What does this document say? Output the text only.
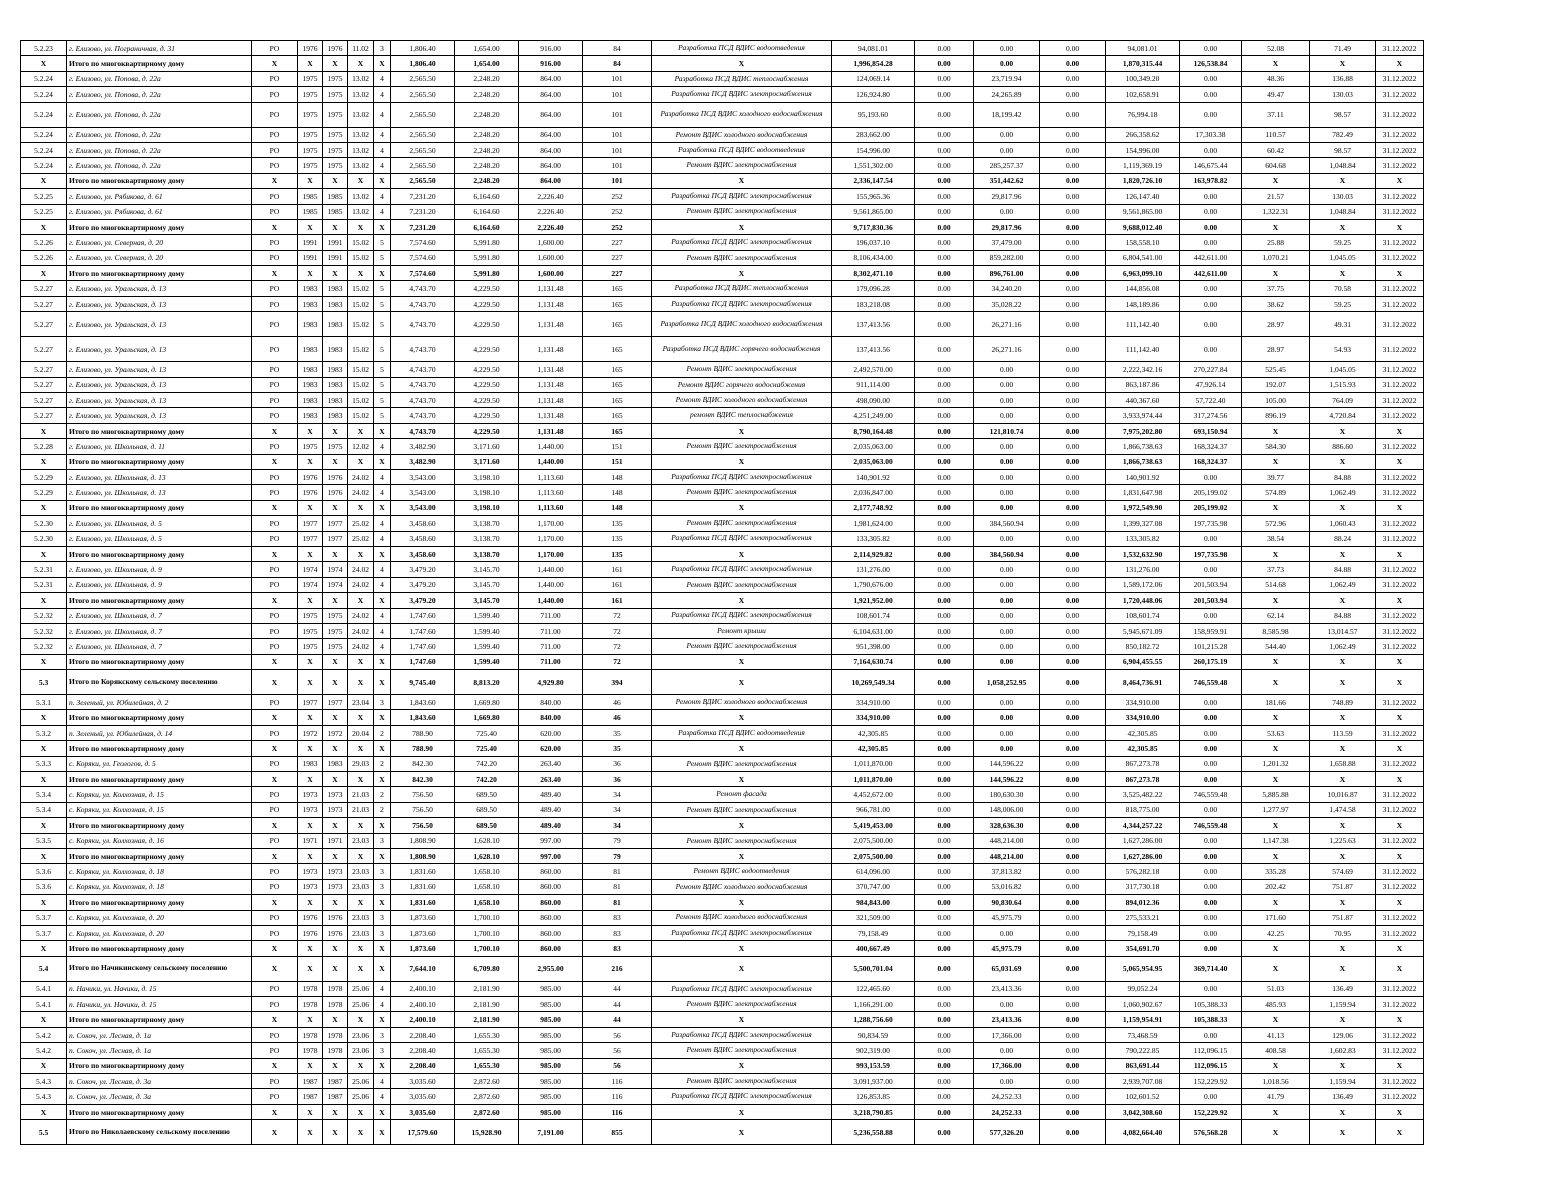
5.2.23	г. Елизово, ул. Пограничная, д. 31	РО	1976	1976	11.02	3	1,806.40	1,654.00	916.00	84	Разработка ПСД ВДИС водоотведения	94,081.01	0.00	0.00	0.00	94,081.01	0.00	52.08	71.49	31.12.2022
X	Итого по многоквартирному дому	X	X	X	X	X	1,806.40	1,654.00	916.00	84	X	1,996,854.28	0.00	0.00	0.00	1,870,315.44	126,538.84	X	X	X
5.2.24	г. Елизово, ул. Попова, д. 22а	РО	1975	1975	13.02	4	2,565.50	2,248.20	864.00	101	Разработка ПСД ВДИС теплоснабжения	124,069.14	0.00	23,719.94	0.00	100,349.20	0.00	48.36	136.88	31.12.2022
5.2.24	г. Елизово, ул. Попова, д. 22а	РО	1975	1975	13.02	4	2,565.50	2,248.20	864.00	101	Разработка ПСД ВДИС электроснабжения	126,924.80	0.00	24,265.89	0.00	102,658.91	0.00	49.47	130.03	31.12.2022
5.2.24	г. Елизово, ул. Попова, д. 22а	РО	1975	1975	13.02	4	2,565.50	2,248.20	864.00	101	Разработка ПСД ВДИС холодного водоснабжения	95,193.60	0.00	18,199.42	0.00	76,994.18	0.00	37.11	98.57	31.12.2022
5.2.24	г. Елизово, ул. Попова, д. 22а	РО	1975	1975	13.02	4	2,565.50	2,248.20	864.00	101	Ремонт ВДИС холодного водоснабжения	283,662.00	0.00	0.00	0.00	266,358.62	17,303.38	110.57	782.49	31.12.2022
5.2.24	г. Елизово, ул. Попова, д. 22а	РО	1975	1975	13.02	4	2,565.50	2,248.20	864.00	101	Разработка ПСД ВДИС водоотведения	154,996.00	0.00	0.00	0.00	154,996.00	0.00	60.42	98.57	31.12.2022
5.2.24	г. Елизово, ул. Попова, д. 22а	РО	1975	1975	13.02	4	2,565.50	2,248.20	864.00	101	Ремонт ВДИС электроснабжения	1,551,302.00	0.00	285,257.37	0.00	1,119,369.19	146,675.44	604.68	1,048.84	31.12.2022
X	Итого по многоквартирному дому	X	X	X	X	X	2,565.50	2,248.20	864.00	101	X	2,336,147.54	0.00	351,442.62	0.00	1,820,726.10	163,978.82	X	X	X
5.2.25	г. Елизово, ул. Рябикова, д. 61	РО	1985	1985	13.02	4	7,231.20	6,164.60	2,226.40	252	Разработка ПСД ВДИС электроснабжения	155,965.36	0.00	29,817.96	0.00	126,147.40	0.00	21.57	130.03	31.12.2022
5.2.25	г. Елизово, ул. Рябикова, д. 61	РО	1985	1985	13.02	4	7,231.20	6,164.60	2,226.40	252	Ремонт ВДИС электроснабжения	9,561,865.00	0.00	0.00	0.00	9,561,865.00	0.00	1,322.31	1,048.84	31.12.2022
X	Итого по многоквартирному дому	X	X	X	X	X	7,231.20	6,164.60	2,226.40	252	X	9,717,830.36	0.00	29,817.96	0.00	9,688,012.40	0.00	X	X	X
5.2.26	г. Елизово, ул. Северная, д. 20	РО	1991	1991	15.02	5	7,574.60	5,991.80	1,600.00	227	Разработка ПСД ВДИС электроснабжения	196,037.10	0.00	37,479.00	0.00	158,558.10	0.00	25.88	59.25	31.12.2022
5.2.26	г. Елизово, ул. Северная, д. 20	РО	1991	1991	15.02	5	7,574.60	5,991.80	1,600.00	227	Ремонт ВДИС электроснабжения	8,106,434.00	0.00	859,282.00	0.00	6,804,541.00	442,611.00	1,070.21	1,045.05	31.12.2022
X	Итого по многоквартирному дому	X	X	X	X	X	7,574.60	5,991.80	1,600.00	227	X	8,302,471.10	0.00	896,761.00	0.00	6,963,099.10	442,611.00	X	X	X
5.2.27	г. Елизово, ул. Уральская, д. 13	РО	1983	1983	15.02	5	4,743.70	4,229.50	1,131.48	165	Разработка ПСД ВДИС теплоснабжения	179,096.28	0.00	34,240.20	0.00	144,856.08	0.00	37.75	70.58	31.12.2022
5.2.27	г. Елизово, ул. Уральская, д. 13	РО	1983	1983	15.02	5	4,743.70	4,229.50	1,131.48	165	Разработка ПСД ВДИС электроснабжения	183,218.08	0.00	35,028.22	0.00	148,189.86	0.00	38.62	59.25	31.12.2022
5.2.27	г. Елизово, ул. Уральская, д. 13	РО	1983	1983	15.02	5	4,743.70	4,229.50	1,131.48	165	Разработка ПСД ВДИС холодного водоснабжения	137,413.56	0.00	26,271.16	0.00	111,142.40	0.00	28.97	49.31	31.12.2022
5.2.27	г. Елизово, ул. Уральская, д. 13	РО	1983	1983	15.02	5	4,743.70	4,229.50	1,131.48	165	Разработка ПСД ВДИС горячего водоснабжения	137,413.56	0.00	26,271.16	0.00	111,142.40	0.00	28.97	54.93	31.12.2022
5.2.27	г. Елизово, ул. Уральская, д. 13	РО	1983	1983	15.02	5	4,743.70	4,229.50	1,131.48	165	Ремонт ВДИС электроснабжения	2,492,570.00	0.00	0.00	0.00	2,222,342.16	270,227.84	525.45	1,045.05	31.12.2022
5.2.27	г. Елизово, ул. Уральская, д. 13	РО	1983	1983	15.02	5	4,743.70	4,229.50	1,131.48	165	Ремонт ВДИС горячего водоснабжения	911,114.00	0.00	0.00	0.00	863,187.86	47,926.14	192.07	1,515.93	31.12.2022
5.2.27	г. Елизово, ул. Уральская, д. 13	РО	1983	1983	15.02	5	4,743.70	4,229.50	1,131.48	165	Ремонт ВДИС холодного водоснабжения	498,090.00	0.00	0.00	0.00	440,367.60	57,722.40	105.00	764.09	31.12.2022
5.2.27	г. Елизово, ул. Уральская, д. 13	РО	1983	1983	15.02	5	4,743.70	4,229.50	1,131.48	165	ремонт ВДИС теплоснабжения	4,251,249.00	0.00	0.00	0.00	3,933,974.44	317,274.56	896.19	4,720.84	31.12.2022
X	Итого по многоквартирному дому	X	X	X	X	X	4,743.70	4,229.50	1,131.48	165	X	8,790,164.48	0.00	121,810.74	0.00	7,975,202.80	693,150.94	X	X	X
5.2.28	г. Елизово, ул. Школьная, д. 11	РО	1975	1975	12.02	4	3,482.90	3,171.60	1,440.00	151	Ремонт ВДИС электроснабжения	2,035,063.00	0.00	0.00	0.00	1,866,738.63	168,324.37	584.30	886.60	31.12.2022
X	Итого по многоквартирному дому	X	X	X	X	X	3,482.90	3,171.60	1,440.00	151	X	2,035,063.00	0.00	0.00	0.00	1,866,738.63	168,324.37	X	X	X
5.2.29	г. Елизово, ул. Школьная, д. 13	РО	1976	1976	24.02	4	3,543.00	3,198.10	1,113.60	148	Разработка ПСД ВДИС электроснабжения	140,901.92	0.00	0.00	0.00	140,901.92	0.00	39.77	84.88	31.12.2022
5.2.29	г. Елизово, ул. Школьная, д. 13	РО	1976	1976	24.02	4	3,543.00	3,198.10	1,113.60	148	Ремонт ВДИС электроснабжения	2,036,847.00	0.00	0.00	0.00	1,831,647.98	205,199.02	574.89	1,062.49	31.12.2022
X	Итого по многоквартирному дому	X	X	X	X	X	3,543.00	3,198.10	1,113.60	148	X	2,177,748.92	0.00	0.00	0.00	1,972,549.90	205,199.02	X	X	X
5.2.30	г. Елизово, ул. Школьная, д. 5	РО	1977	1977	25.02	4	3,458.60	3,138.70	1,170.00	135	Ремонт ВДИС электроснабжения	1,981,624.00	0.00	384,560.94	0.00	1,399,327.08	197,735.98	572.96	1,060.43	31.12.2022
5.2.30	г. Елизово, ул. Школьная, д. 5	РО	1977	1977	25.02	4	3,458.60	3,138.70	1,170.00	135	Разработка ПСД ВДИС электроснабжения	133,305.82	0.00	0.00	0.00	133,305.82	0.00	38.54	88.24	31.12.2022
X	Итого по многоквартирному дому	X	X	X	X	X	3,458.60	3,138.70	1,170.00	135	X	2,114,929.82	0.00	384,560.94	0.00	1,532,632.90	197,735.98	X	X	X
5.2.31	г. Елизово, ул. Школьная, д. 9	РО	1974	1974	24.02	4	3,479.20	3,145.70	1,440.00	161	Разработка ПСД ВДИС электроснабжения	131,276.00	0.00	0.00	0.00	131,276.00	0.00	37.73	84.88	31.12.2022
5.2.31	г. Елизово, ул. Школьная, д. 9	РО	1974	1974	24.02	4	3,479.20	3,145.70	1,440.00	161	Ремонт ВДИС электроснабжения	1,790,676.00	0.00	0.00	0.00	1,589,172.06	201,503.94	514.68	1,062.49	31.12.2022
X	Итого по многоквартирному дому	X	X	X	X	X	3,479.20	3,145.70	1,440.00	161	X	1,921,952.00	0.00	0.00	0.00	1,720,448.06	201,503.94	X	X	X
5.2.32	г. Елизово, ул. Школьная, д. 7	РО	1975	1975	24.02	4	1,747.60	1,599.40	711.00	72	Разработка ПСД ВДИС электроснабжения	108,601.74	0.00	0.00	0.00	108,601.74	0.00	62.14	84.88	31.12.2022
5.2.32	г. Елизово, ул. Школьная, д. 7	РО	1975	1975	24.02	4	1,747.60	1,599.40	711.00	72	Ремонт крыши	6,104,631.00	0.00	0.00	0.00	5,945,671.09	158,959.91	8,585.98	13,014.57	31.12.2022
5.2.32	г. Елизово, ул. Школьная, д. 7	РО	1975	1975	24.02	4	1,747.60	1,599.40	711.00	72	Ремонт ВДИС электроснабжения	951,398.00	0.00	0.00	0.00	850,182.72	101,215.28	544.40	1,062.49	31.12.2022
X	Итого по многоквартирному дому	X	X	X	X	X	1,747.60	1,599.40	711.00	72	X	7,164,630.74	0.00	0.00	0.00	6,904,455.55	260,175.19	X	X	X
5.3	Итого по Корякскому сельскому поселению	X	X	X	X	X	9,745.40	8,813.20	4,929.80	394	X	10,269,549.34	0.00	1,058,252.95	0.00	8,464,736.91	746,559.48	X	X	X
5.3.1	п. Зеленый, ул. Юбилейная, д. 2	РО	1977	1977	23.04	3	1,843.60	1,669.80	840.00	46	Ремонт ВДИС холодного водоснабжения	334,910.00	0.00	0.00	0.00	334,910.00	0.00	181.66	748.89	31.12.2022
X	Итого по многоквартирному дому	X	X	X	X	X	1,843.60	1,669.80	840.00	46	X	334,910.00	0.00	0.00	0.00	334,910.00	0.00	X	X	X
5.3.2	п. Зеленый, ул. Юбилейная, д. 14	РО	1972	1972	20.04	2	788.90	725.40	620.00	35	Разработка ПСД ВДИС водоотведения	42,305.85	0.00	0.00	0.00	42,305.85	0.00	53.63	113.59	31.12.2022
X	Итого по многоквартирному дому	X	X	X	X	X	788.90	725.40	620.00	35	X	42,305.85	0.00	0.00	0.00	42,305.85	0.00	X	X	X
5.3.3	с. Коряки, ул. Геологов, д. 5	РО	1983	1983	29.03	2	842.30	742.20	263.40	36	Ремонт ВДИС электроснабжения	1,011,870.00	0.00	144,596.22	0.00	867,273.78	0.00	1,201.32	1,658.88	31.12.2022
X	Итого по многоквартирному дому	X	X	X	X	X	842.30	742.20	263.40	36	X	1,011,870.00	0.00	144,596.22	0.00	867,273.78	0.00	X	X	X
5.3.4	с. Коряки, ул. Колхозная, д. 15	РО	1973	1973	21.03	2	756.50	689.50	489.40	34	Ремонт фасада	4,452,672.00	0.00	180,630.30	0.00	3,525,482.22	746,559.48	5,885.88	10,016.87	31.12.2022
5.3.4	с. Коряки, ул. Колхозная, д. 15	РО	1973	1973	21.03	2	756.50	689.50	489.40	34	Ремонт ВДИС электроснабжения	966,781.00	0.00	148,006.00	0.00	818,775.00	0.00	1,277.97	1,474.58	31.12.2022
X	Итого по многоквартирному дому	X	X	X	X	X	756.50	689.50	489.40	34	X	5,419,453.00	0.00	328,636.30	0.00	4,344,257.22	746,559.48	X	X	X
5.3.5	с. Коряки, ул. Колхозная, д. 16	РО	1971	1971	23.03	3	1,808.90	1,628.10	997.00	79	Ремонт ВДИС электроснабжения	2,075,500.00	0.00	448,214.00	0.00	1,627,286.00	0.00	1,147.38	1,225.63	31.12.2022
X	Итого по многоквартирному дому	X	X	X	X	X	1,808.90	1,628.10	997.00	79	X	2,075,500.00	0.00	448,214.00	0.00	1,627,286.00	0.00	X	X	X
5.3.6	с. Коряки, ул. Колхозная, д. 18	РО	1973	1973	23.03	3	1,831.60	1,658.10	860.00	81	Ремонт ВДИС водоотведения	614,096.00	0.00	37,813.82	0.00	576,282.18	0.00	335.28	574.69	31.12.2022
5.3.6	с. Коряки, ул. Колхозная, д. 18	РО	1973	1973	23.03	3	1,831.60	1,658.10	860.00	81	Ремонт ВДИС холодного водоснабжения	370,747.00	0.00	53,016.82	0.00	317,730.18	0.00	202.42	751.87	31.12.2022
X	Итого по многоквартирному дому	X	X	X	X	X	1,831.60	1,658.10	860.00	81	X	984,843.00	0.00	90,830.64	0.00	894,012.36	0.00	X	X	X
5.3.7	с. Коряки, ул. Колхозная, д. 20	РО	1976	1976	23.03	3	1,873.60	1,700.10	860.00	83	Ремонт ВДИС холодного водоснабжения	321,509.00	0.00	45,975.79	0.00	275,533.21	0.00	171.60	751.87	31.12.2022
5.3.7	с. Коряки, ул. Колхозная, д. 20	РО	1976	1976	23.03	3	1,873.60	1,700.10	860.00	83	Разработка ПСД ВДИС электроснабжения	79,158.49	0.00	0.00	0.00	79,158.49	0.00	42.25	70.95	31.12.2022
X	Итого по многоквартирному дому	X	X	X	X	X	1,873.60	1,700.10	860.00	83	X	400,667.49	0.00	45,975.79	0.00	354,691.70	0.00	X	X	X
5.4	Итого по Начикинскому сельскому поселению	X	X	X	X	X	7,644.10	6,709.80	2,955.00	216	X	5,500,701.04	0.00	65,031.69	0.00	5,065,954.95	369,714.40	X	X	X
5.4.1	п. Начики, ул. Начики, д. 15	РО	1978	1978	25.06	4	2,400.10	2,181.90	985.00	44	Разработка ПСД ВДИС электроснабжения	122,465.60	0.00	23,413.36	0.00	99,052.24	0.00	51.03	136.49	31.12.2022
5.4.1	п. Начики, ул. Начики, д. 15	РО	1978	1978	25.06	4	2,400.10	2,181.90	985.00	44	Ремонт ВДИС электроснабжения	1,166,291.00	0.00	0.00	0.00	1,060,902.67	105,388.33	485.93	1,159.94	31.12.2022
X	Итого по многоквартирному дому	X	X	X	X	X	2,400.10	2,181.90	985.00	44	X	1,288,756.60	0.00	23,413.36	0.00	1,159,954.91	105,388.33	X	X	X
5.4.2	п. Сокоч, ул. Лесная, д. 1а	РО	1978	1978	23.06	3	2,208.40	1,655.30	985.00	56	Разработка ПСД ВДИС электроснабжения	90,834.59	0.00	17,366.00	0.00	73,468.59	0.00	41.13	129.06	31.12.2022
5.4.2	п. Сокоч, ул. Лесная, д. 1а	РО	1978	1978	23.06	3	2,208.40	1,655.30	985.00	56	Ремонт ВДИС электроснабжения	902,319.00	0.00	0.00	0.00	790,222.85	112,096.15	408.58	1,602.83	31.12.2022
X	Итого по многоквартирному дому	X	X	X	X	X	2,208.40	1,655.30	985.00	56	X	993,153.59	0.00	17,366.00	0.00	863,691.44	112,096.15	X	X	X
5.4.3	п. Сокоч, ул. Лесная, д. 3а	РО	1987	1987	25.06	4	3,035.60	2,872.60	985.00	116	Ремонт ВДИС электроснабжения	3,091,937.00	0.00	0.00	0.00	2,939,707.08	152,229.92	1,018.56	1,159.94	31.12.2022
5.4.3	п. Сокоч, ул. Лесная, д. 3а	РО	1987	1987	25.06	4	3,035.60	2,872.60	985.00	116	Разработка ПСД ВДИС электроснабжения	126,853.85	0.00	24,252.33	0.00	102,601.52	0.00	41.79	136.49	31.12.2022
X	Итого по многоквартирному дому	X	X	X	X	X	3,035.60	2,872.60	985.00	116	X	3,218,790.85	0.00	24,252.33	0.00	3,042,308.60	152,229.92	X	X	X
5.5	Итого по Николаевскому сельскому поселению	X	X	X	X	X	17,579.60	15,928.90	7,191.00	855	X	5,236,558.88	0.00	577,326.20	0.00	4,082,664.40	576,568.28	X	X	X
